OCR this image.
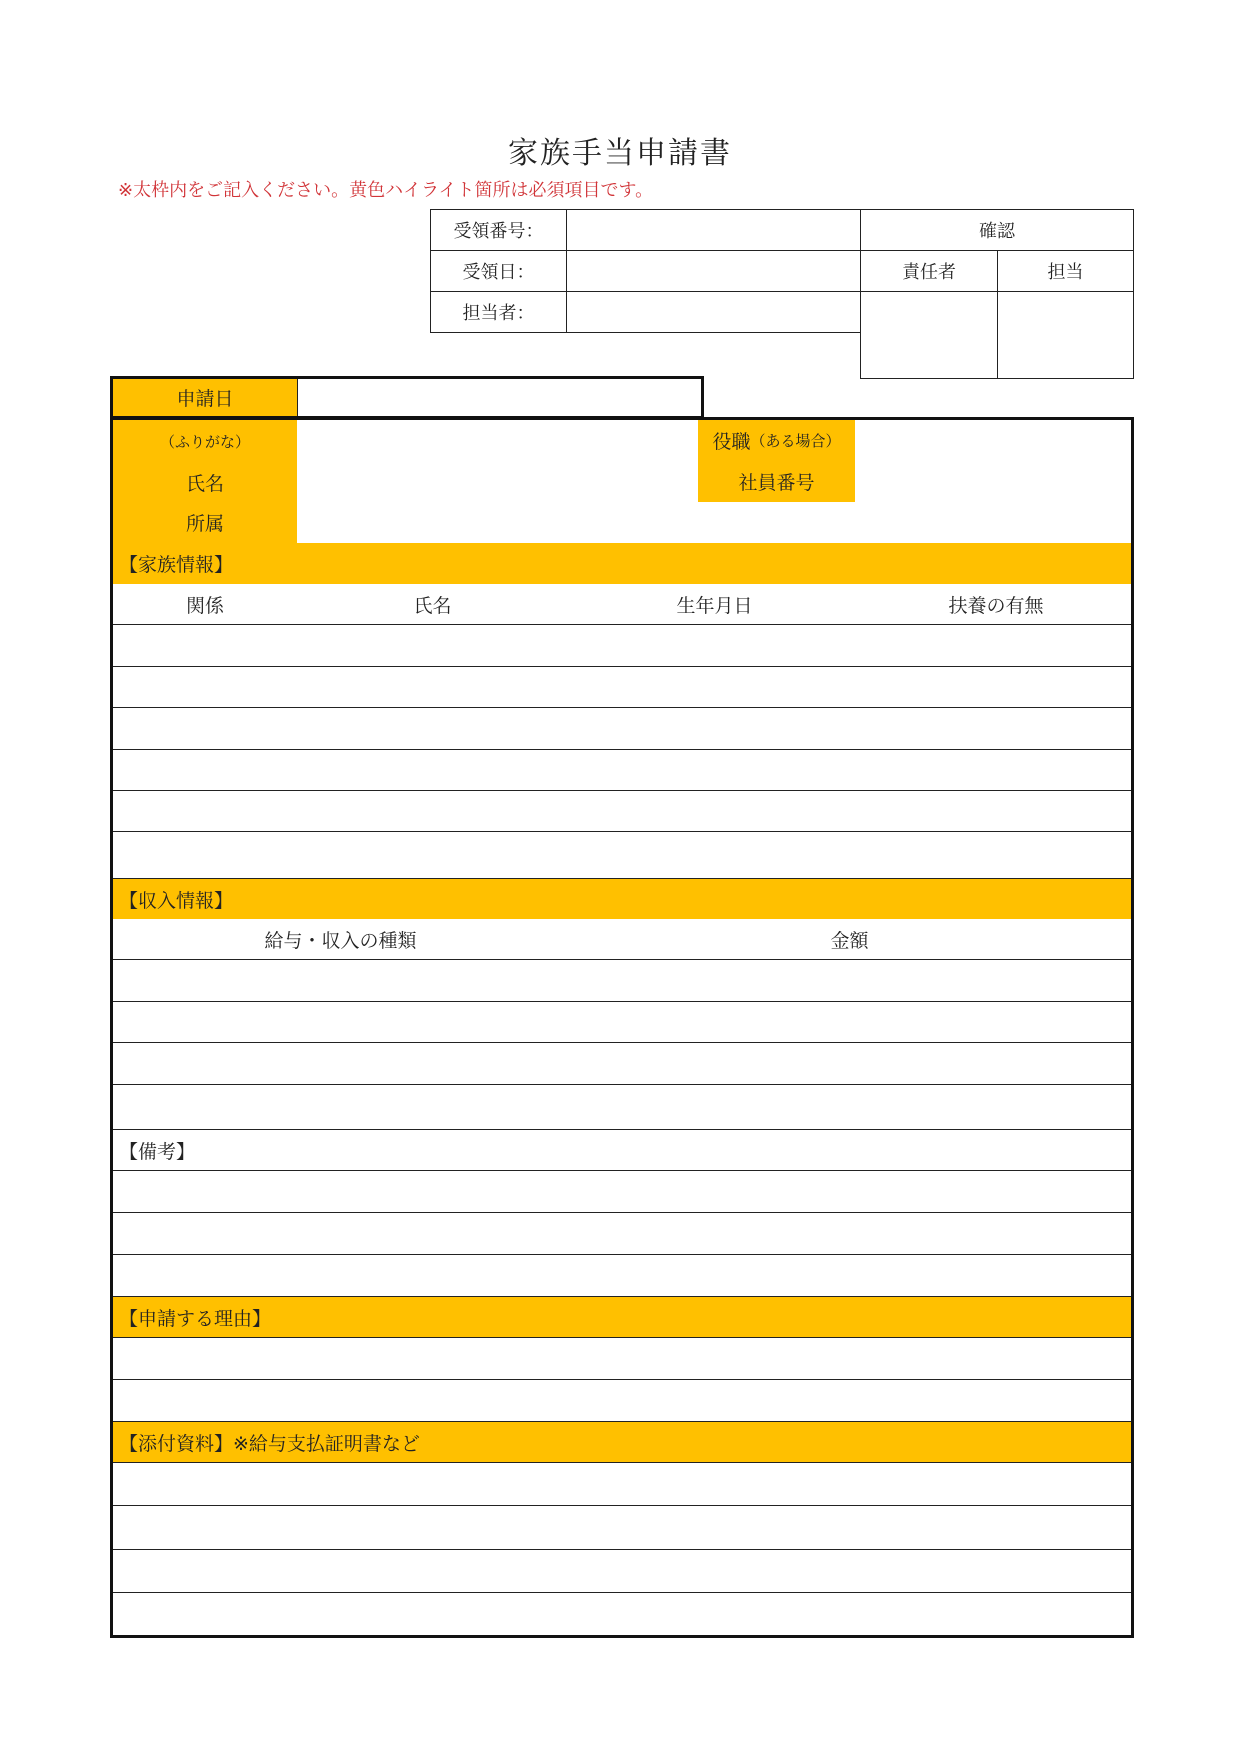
家族手当申請書
※太枠内をご記入ください。黄色ハイライト箇所は必須項目です。
受領番号：
受領日：
担当者：
確認
責任者	担当
申請日
（ふりがな）
氏名
役職 （ある場合）
社員番号
所属
【家族情報】
関係	氏名	生年月日	扶養の有無
【収入情報】
給与・収入の種類	金額
【備考】
【申請する理由】
【添付資料】※給与支払証明書など
